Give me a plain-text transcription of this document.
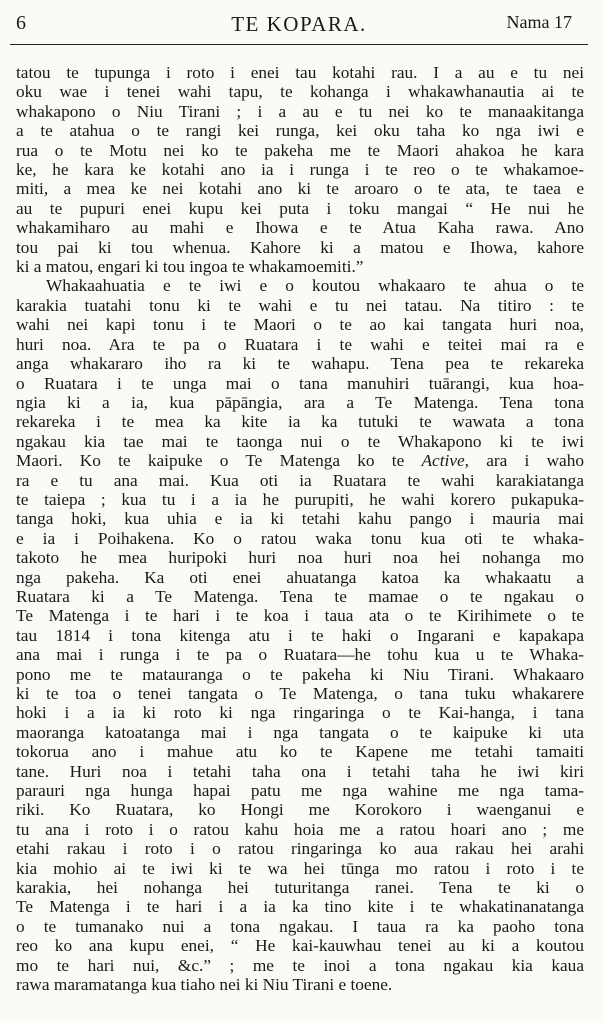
6	TE KOPARA.	Nama 17
tatou te tupunga i roto i enei tau kotahi rau. I a au e tu nei
oku wae i tenei wahi tapu, te kohanga i whakawhanautia ai te
whakapono o Niu Tirani ; i a au e tu nei ko te manaakitanga
a te atahua o te rangi kei runga, kei oku taha ko nga iwi e
rua o te Motu nei ko te pakeha me te Maori ahakoa he kara
ke, he kara ke kotahi ano ia i runga i te reo o te whakamoe-
miti, a mea ke nei kotahi ano ki te aroaro o te ata, te taea e
au te pupuri enei kupu kei puta i toku mangai “ He nui he
whakamiharo au mahi e Ihowa e te Atua Kaha rawa. Ano
tou pai ki tou whenua. Kahore ki a matou e Ihowa, kahore
ki a matou, engari ki tou ingoa te whakamoemiti.”
Whakaahuatia e te iwi e o koutou whakaaro te ahua o te
karakia tuatahi tonu ki te wahi e tu nei tatau. Na titiro : te
wahi nei kapi tonu i te Maori o te ao kai tangata huri noa,
huri noa. Ara te pa o Ruatara i te wahi e teitei mai ra e
anga whakararo iho ra ki te wahapu. Tena pea te rekareka
o Ruatara i te unga mai o tana manuhiri tuārangi, kua hoa-
ngia ki a ia, kua pāpāngia, ara a Te Matenga. Tena tona
rekareka i te mea ka kite ia ka tutuki te wawata a tona
ngakau kia tae mai te taonga nui o te Whakapono ki te iwi
Maori. Ko te kaipuke o Te Matenga ko te Active, ara i waho
ra e tu ana mai. Kua oti ia Ruatara te wahi karakiatanga
te taiepa ; kua tu i a ia he purupiti, he wahi korero pukapuka-
tanga hoki, kua uhia e ia ki tetahi kahu pango i mauria mai
e ia i Poihakena. Ko o ratou waka tonu kua oti te whaka-
takoto he mea huripoki huri noa huri noa hei nohanga mo
nga pakeha. Ka oti enei ahuatanga katoa ka whakaatu a
Ruatara ki a Te Matenga. Tena te mamae o te ngakau o
Te Matenga i te hari i te koa i taua ata o te Kirihimete o te
tau 1814 i tona kitenga atu i te haki o Ingarani e kapakapa
ana mai i runga i te pa o Ruatara—he tohu kua u te Whaka-
pono me te matauranga o te pakeha ki Niu Tirani. Whakaaro
ki te toa o tenei tangata o Te Matenga, o tana tuku whakarere
hoki i a ia ki roto ki nga ringaringa o te Kai-hanga, i tana
maoranga katoatanga mai i nga tangata o te kaipuke ki uta
tokorua ano i mahue atu ko te Kapene me tetahi tamaiti
tane. Huri noa i tetahi taha ona i tetahi taha he iwi kiri
parauri nga hunga hapai patu me nga wahine me nga tama-
riki. Ko Ruatara, ko Hongi me Korokoro i waenganui e
tu ana i roto i o ratou kahu hoia me a ratou hoari ano ; me
etahi rakau i roto i o ratou ringaringa ko aua rakau hei arahi
kia mohio ai te iwi ki te wa hei tūnga mo ratou i roto i te
karakia, hei nohanga hei tuturitanga ranei. Tena te ki o
Te Matenga i te hari i a ia ka tino kite i te whakatinanatanga
o te tumanako nui a tona ngakau. I taua ra ka paoho tona
reo ko ana kupu enei, “ He kai-kauwhau tenei au ki a koutou
mo te hari nui, &c.” ; me te inoi a tona ngakau kia kaua
rawa maramatanga kua tiaho nei ki Niu Tirani e toene.
